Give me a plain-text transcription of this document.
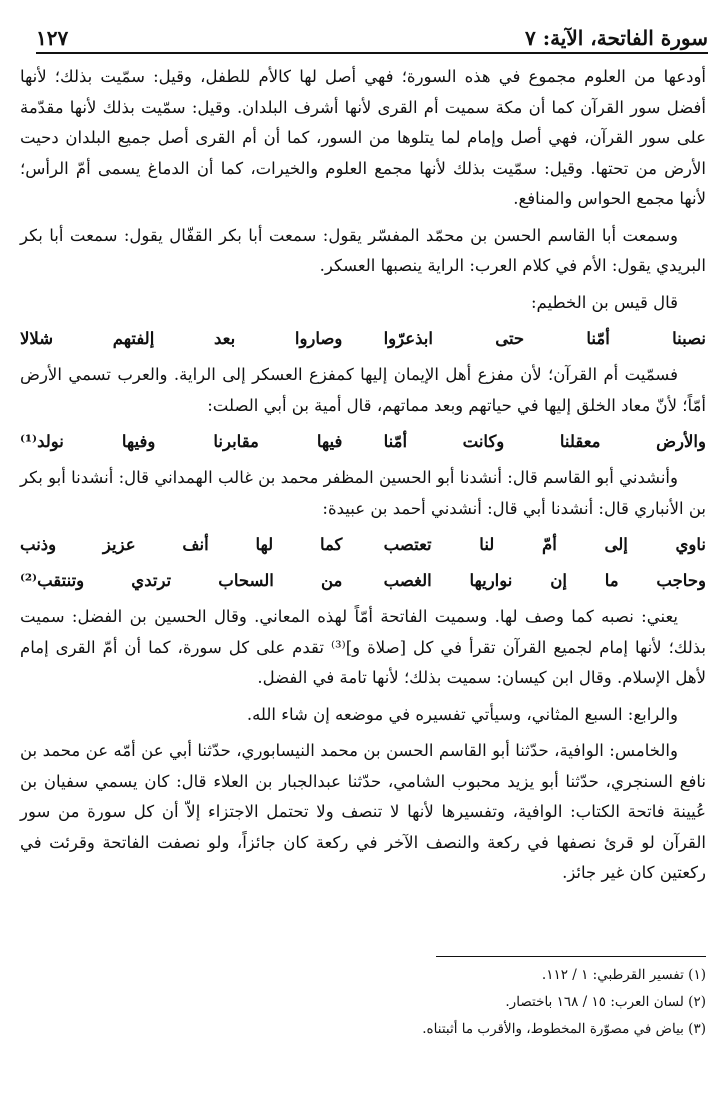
سورة الفاتحة، الآية: ٧
١٢٧

أودعها من العلوم مجموع في هذه السورة؛ فهي أصل لها كالأم للطفل، وقيل: سمّيت بذلك؛ لأنها أفضل سور القرآن كما أن مكة سميت أم القرى لأنها أشرف البلدان. وقيل: سمّيت بذلك لأنها مقدّمة على سور القرآن، فهي أصل وإمام لما يتلوها من السور، كما أن أم القرى أصل جميع البلدان دحيت الأرض من تحتها. وقيل: سمّيت بذلك لأنها مجمع العلوم والخيرات، كما أن الدماغ يسمى أمّ الرأس؛ لأنها مجمع الحواس والمنافع.

وسمعت أبا القاسم الحسن بن محمّد المفسّر يقول: سمعت أبا بكر القفّال يقول: سمعت أبا بكر البريدي يقول: الأم في كلام العرب: الراية ينصبها العسكر.

قال قيس بن الخطيم:

نصبنا أمّنا حتى ابذعرّوا
وصاروا بعد إلفتهم شلالا

فسمّيت أم القرآن؛ لأن مفزع أهل الإيمان إليها كمفزع العسكر إلى الراية. والعرب تسمي الأرض أمّاً؛ لأنّ معاد الخلق إليها في حياتهم وبعد مماتهم، قال أمية بن أبي الصلت:

والأرض معقلنا وكانت أمّنا
فيها مقابرنا وفيها نولد⁽¹⁾

وأنشدني أبو القاسم قال: أنشدنا أبو الحسين المظفر محمد بن غالب الهمداني قال: أنشدنا أبو بكر بن الأنباري قال: أنشدنا أبي قال: أنشدني أحمد بن عبيدة:

ناوي إلى أمّ لنا تعتصب
كما لها أنف عزيز وذنب
وحاجب ما إن نواريها الغصب
من السحاب ترتدي وتنتقب⁽²⁾

يعني: نصبه كما وصف لها. وسميت الفاتحة أمّاً لهذه المعاني. وقال الحسين بن الفضل: سميت بذلك؛ لأنها إمام لجميع القرآن تقرأ في كل [صلاة و]⁽³⁾ تقدم على كل سورة، كما أن أمّ القرى إمام لأهل الإسلام. وقال ابن كيسان: سميت بذلك؛ لأنها تامة في الفضل.

والرابع: السبع المثاني، وسيأتي تفسيره في موضعه إن شاء الله.

والخامس: الوافية، حدّثنا أبو القاسم الحسن بن محمد النيسابوري، حدّثنا أبي عن أمّه عن محمد بن نافع السنجري، حدّثنا أبو يزيد محبوب الشامي، حدّثنا عبدالجبار بن العلاء قال: كان يسمي سفيان بن عُيينة فاتحة الكتاب: الوافية، وتفسيرها لأنها لا تنصف ولا تحتمل الاجتزاء إلاّ أن كل سورة من سور القرآن لو قرئ نصفها في ركعة والنصف الآخر في ركعة كان جائزاً، ولو نصفت الفاتحة وقرئت في ركعتين كان غير جائز.

(١) تفسير القرطبي: ١ / ١١٢.
(٢) لسان العرب: ١٥ / ١٦٨ باختصار.
(٣) بياض في مصوّرة المخطوط، والأقرب ما أثبتناه.
